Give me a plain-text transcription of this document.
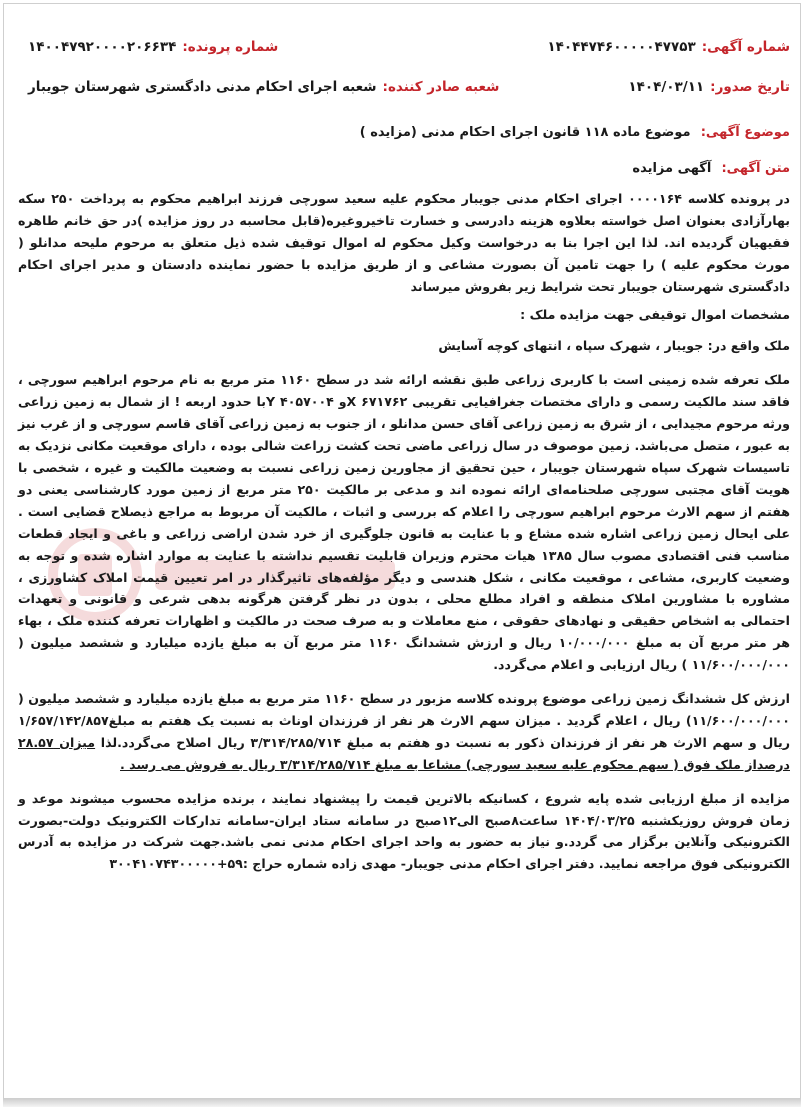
شماره آگهی:
۱۴۰۴۴۷۴۶۰۰۰۰۰۴۷۷۵۳
شماره پرونده:
۱۴۰۰۴۷۹۲۰۰۰۰۲۰۶۶۳۴
تاریخ صدور:
۱۴۰۴/۰۳/۱۱
شعبه صادر کننده:
شعبه اجرای احکام مدنی دادگستری شهرستان جویبار
موضوع آگهی: موضوع ماده ۱۱۸ قانون اجرای احکام مدنی (مزایده )
متن آگهی: آگهی مزایده

در پرونده کلاسه ۰۰۰۰۱۶۴ اجرای احکام مدنی جویبار محکوم علیه سعید سورچی فرزند ابراهیم محکوم به پرداخت ۲۵۰ سکه بهارآزادی بعنوان اصل خواسته بعلاوه هزینه دادرسی و خسارت تاخیروغیره(قابل محاسبه در روز مزایده )در حق خانم طاهره فقیهیان گردیده اند. لذا این اجرا بنا به درخواست وکیل محکوم له اموال توقیف شده ذیل متعلق به مرحوم ملیحه مدانلو ( مورث محکوم علیه ) را جهت تامین آن بصورت مشاعی و از طریق مزایده با حضور نماینده دادستان و مدیر اجرای احکام دادگستری شهرستان جویبار تحت شرایط زیر بفروش میرساند

مشخصات اموال توقیفی جهت مزایده ملک :

ملک واقع در: جویبار ، شهرک سپاه ، انتهای کوچه آسایش

ملک تعرفه شده زمینی است با کاربری زراعی طبق نقشه ارائه شد در سطح ۱۱۶۰ متر مربع به نام مرحوم ابراهیم سورچی ، فاقد سند مالکیت رسمی و دارای مختصات جغرافیایی تقریبی ۶۷۱۷۶۲ Xو ۴۰۵۷۰۰۴ Yبا حدود اربعه ! از شمال به زمین زراعی ورثه مرحوم مجیدایی ، از شرق به زمین زراعی آقای حسن مدانلو ، از جنوب به زمین زراعی آقای قاسم سورچی و از غرب نیز به عبور ، متصل می‌باشد. زمین موصوف در سال زراعی ماضی تحت کشت زراعت شالی بوده ، دارای موقعیت مکانی نزدیک به تاسیسات شهرک سپاه شهرستان جویبار ، حین تحقیق از مجاورین زمین زراعی نسبت به وضعیت مالکیت و غیره ، شخصی با هویت آقای مجتبی سورچی صلحنامه‌ای ارائه نموده اند و مدعی بر مالکیت ۲۵۰ متر مربع از زمین مورد کارشناسی یعنی دو هفتم از سهم الارث مرحوم ابراهیم سورچی را اعلام که بررسی و اثبات ، مالکیت آن مربوط به مراجع ذیصلاح قضایی است . علی ایحال زمین زراعی اشاره شده مشاع و با عنایت به قانون جلوگیری از خرد شدن اراضی زراعی و باغی و ایجاد قطعات مناسب فنی اقتصادی مصوب سال ۱۳۸۵ هیات محترم وزیران قابلیت تقسیم نداشته با عنایت به موارد اشاره شده و توجه به وضعیت کاربری، مشاعی ، موقعیت مکانی ، شکل هندسی و دیگر مؤلفه‌های تاثیرگذار در امر تعیین قیمت املاک کشاورزی ، مشاوره با مشاورین املاک منطقه و افراد مطلع محلی ، بدون در نظر گرفتن هرگونه بدهی شرعی و قانونی و تعهدات احتمالی به اشخاص حقیقی و نهادهای حقوقی ، منع معاملات و به صرف صحت در مالکیت و اظهارات تعرفه کننده ملک ، بهاء هر متر مربع آن به مبلغ ۱۰/۰۰۰/۰۰۰ ریال و ارزش ششدانگ ۱۱۶۰ متر مربع آن به مبلغ یازده میلیارد و ششصد میلیون ( ۱۱/۶۰۰/۰۰۰/۰۰۰ ) ریال ارزیابی و اعلام می‌گردد.

ارزش کل ششدانگ زمین زراعی موضوع پرونده کلاسه مزبور در سطح ۱۱۶۰ متر مربع به مبلغ یازده میلیارد و ششصد میلیون ( ۱۱/۶۰۰/۰۰۰/۰۰۰) ریال ، اعلام گردید . میزان سهم الارث هر نفر از فرزندان اوناث به نسبت یک هفتم به مبلغ۱/۶۵۷/۱۴۲/۸۵۷ ریال و سهم الارث هر نفر از فرزندان ذکور به نسبت دو هفتم به مبلغ ۳/۳۱۴/۲۸۵/۷۱۴ ریال اصلاح می‌گردد.لذا میزان ۲۸.۵۷ درصداز ملک فوق ( سهم محکوم علیه سعید سورچی) مشاعا به مبلغ ۳/۳۱۴/۲۸۵/۷۱۴ ریال به فروش می رسد .

مزایده از مبلغ ارزیابی شده پایه شروع ، کسانیکه بالاترین قیمت را پیشنهاد نمایند ، برنده مزایده محسوب میشوند موعد و زمان فروش روزیکشنبه ۱۴۰۴/۰۳/۲۵ ساعت۸صبح الی۱۲صبح در سامانه ستاد ایران-سامانه تدارکات الکترونیک دولت-بصورت الکترونیکی وآنلاین برگزار می گردد.و نیاز به حضور به واحد اجرای احکام مدنی نمی باشد.جهت شرکت در مزایده به آدرس الکترونیکی فوق مراجعه نمایید. دفتر اجرای احکام مدنی جویبار- مهدی زاده شماره حراج :۵۹+۳۰۰۴۱۰۷۴۳۰۰۰۰۰
